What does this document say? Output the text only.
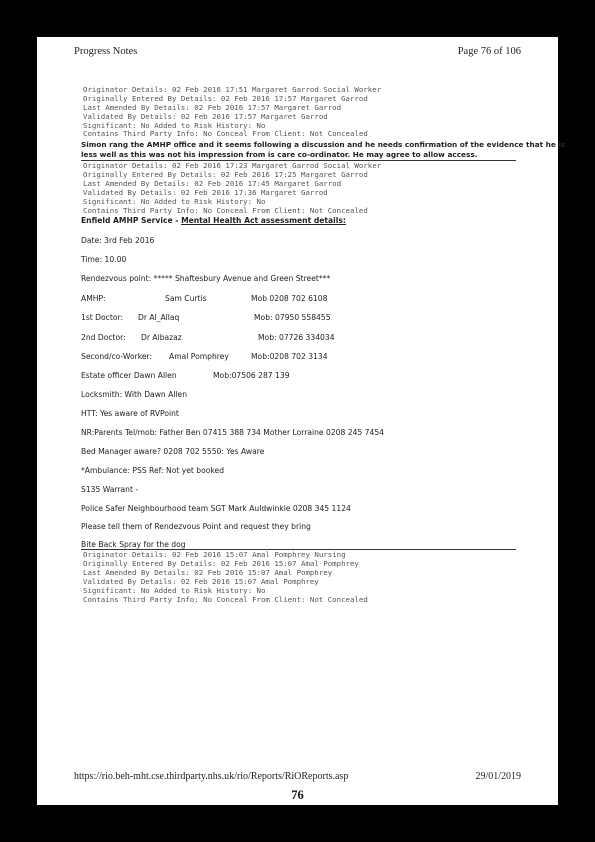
Progress Notes	Page 76 of 106
Originator Details: 02 Feb 2016 17:51 Margaret Garrod Social Worker
Originally Entered By Details: 02 Feb 2016 17:57 Margaret Garrod
Last Amended By Details: 02 Feb 2016 17:57 Margaret Garrod
Validated By Details: 02 Feb 2016 17:57 Margaret Garrod
Significant: No Added to Risk History: No
Contains Third Party Info: No Conceal From Client: Not Concealed
Simon rang the AMHP office and it seems following a discussion and he needs confirmation of the evidence that he is
less well as this was not his impression from is care co-ordinator. He may agree to allow access.
Originator Details: 02 Feb 2016 17:23 Margaret Garrod Social Worker
Originally Entered By Details: 02 Feb 2016 17:25 Margaret Garrod
Last Amended By Details: 02 Feb 2016 17:45 Margaret Garrod
Validated By Details: 02 Feb 2016 17:36 Margaret Garrod
Significant: No Added to Risk History: No
Contains Third Party Info: No Conceal From Client: Not Concealed
Enfield AMHP Service - Mental Health Act assessment details:
Date: 3rd Feb 2016
Time: 10.00
Rendezvous point: ***** Shaftesbury Avenue and Green Street***
AMHP:	Sam Curtis	Mob 0208 702 6108
1st Doctor: Dr Al_Allaq	Mob: 07950 558455
2nd Doctor: Dr Albazaz	Mob: 07726 334034
Second/co-Worker: Amal Pomphrey	Mob:0208 702 3134
Estate officer Dawn Allen	Mob:07506 287 139
Locksmith: With Dawn Allen
HTT: Yes aware of RVPoint
NR:Parents Tel/mob: Father Ben 07415 388 734 Mother Lorraine 0208 245 7454
Bed Manager aware? 0208 702 5550: Yes Aware
*Ambulance: PSS Ref: Not yet booked
S135 Warrant -
Police Safer Neighbourhood team SGT Mark Auldwinkle 0208 345 1124
Please tell them of Rendezvous Point and request they bring
Bite Back Spray for the dog
Originator Details: 02 Feb 2016 15:07 Amal Pomphrey Nursing
Originally Entered By Details: 02 Feb 2016 15:07 Amal Pomphrey
Last Amended By Details: 02 Feb 2016 15:07 Amal Pomphrey
Validated By Details: 02 Feb 2016 15:07 Amal Pomphrey
Significant: No Added to Risk History: No
Contains Third Party Info: No Conceal From Client: Not Concealed
https://rio.beh-mht.cse.thirdparty.nhs.uk/rio/Reports/RiOReports.asp	29/01/2019
76
